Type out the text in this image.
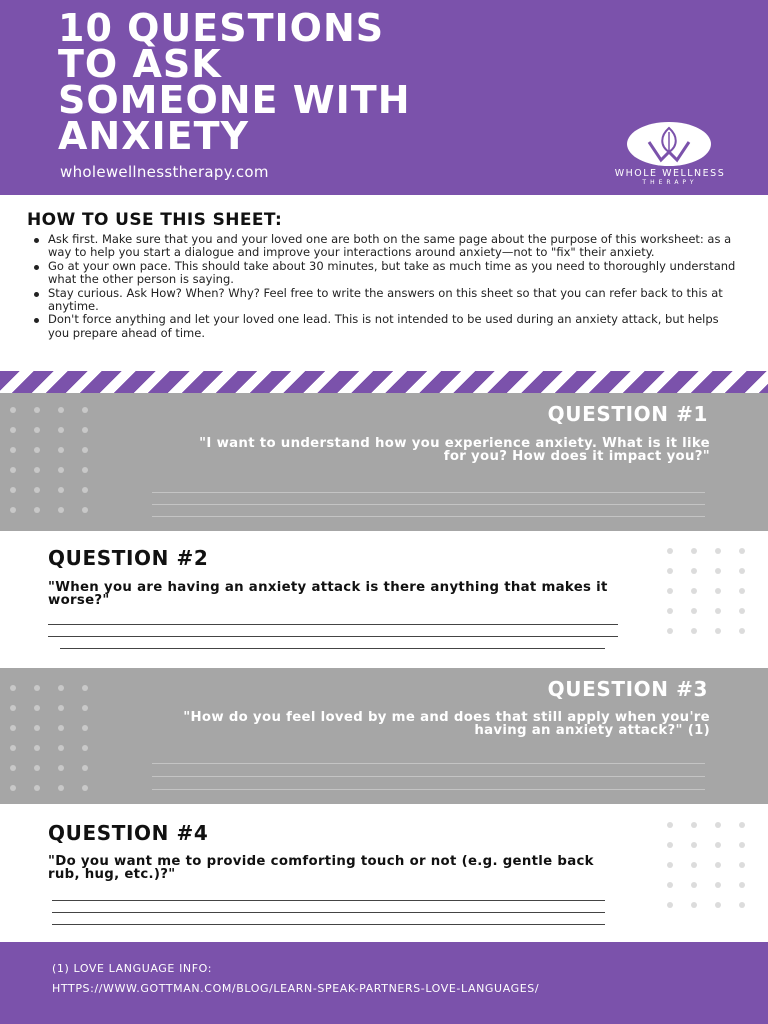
10 QUESTIONS
TO ASK
SOMEONE WITH
ANXIETY
wholewellnesstherapy.com	WHOLE WELLNESS
THERAPY
HOW TO USE THIS SHEET:
Ask first. Make sure that you and your loved one are both on the same page about the purpose of this worksheet: as a way to help you start a dialogue and improve your interactions around anxiety—not to "fix" their anxiety.
Go at your own pace. This should take about 30 minutes, but take as much time as you need to thoroughly understand what the other person is saying.
Stay curious. Ask How? When? Why? Feel free to write the answers on this sheet so that you can refer back to this at anytime.
Don't force anything and let your loved one lead. This is not intended to be used during an anxiety attack, but helps you prepare ahead of time.
QUESTION #1
"I want to understand how you experience anxiety. What is it like for you? How does it impact you?"
QUESTION #2
"When you are having an anxiety attack is there anything that makes it worse?"
QUESTION #3
"How do you feel loved by me and does that still apply when you're having an anxiety attack?" (1)
QUESTION #4
"Do you want me to provide comforting touch or not (e.g. gentle back rub, hug, etc.)?"
(1) LOVE LANGUAGE INFO:
HTTPS://WWW.GOTTMAN.COM/BLOG/LEARN-SPEAK-PARTNERS-LOVE-LANGUAGES/
